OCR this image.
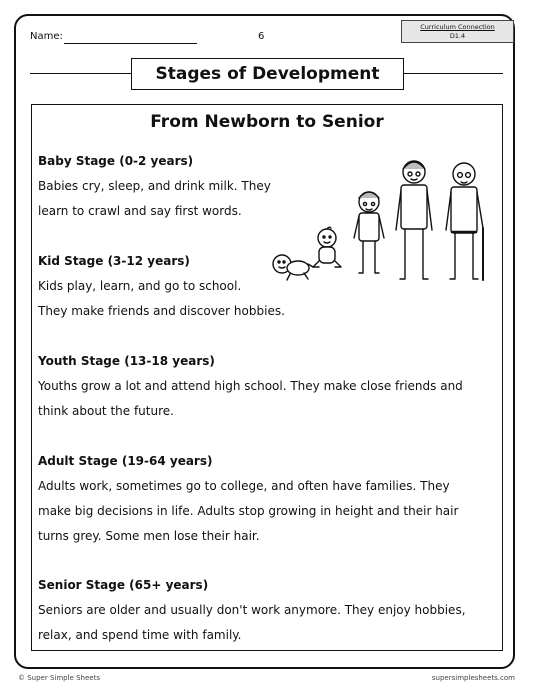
Name:	6
Curriculum Connection
D1.4
Stages of Development
From Newborn to Senior
Baby Stage (0-2 years)
Babies cry, sleep, and drink milk. They
learn to crawl and say first words.
Kid Stage (3-12 years)
Kids play, learn, and go to school.
They make friends and discover hobbies.
Youth Stage (13-18 years)
Youths grow a lot and attend high school. They make close friends and
think about the future.
Adult Stage (19-64 years)
Adults work, sometimes go to college, and often have families. They
make big decisions in life. Adults stop growing in height and their hair
turns grey. Some men lose their hair.
Senior Stage (65+ years)
Seniors are older and usually don't work anymore. They enjoy hobbies,
relax, and spend time with family.
© Super Simple Sheets	supersimplesheets.com
